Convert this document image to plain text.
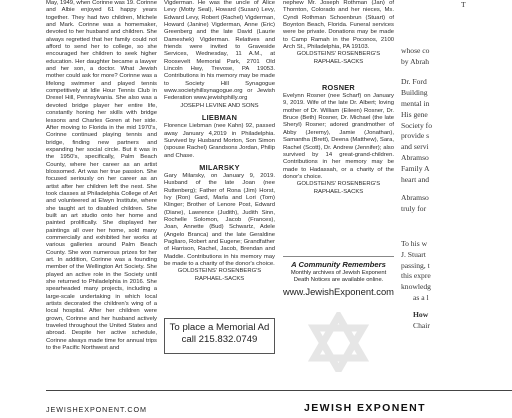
May, 1949, when Corinne was 19. Corinne and Albie enjoyed 61 happy years together. They had two children, Michele and Mark. Corinne was a homemaker, devoted to her husband and children. She always regretted that her family could not afford to send her to college, so she encouraged her children to seek higher education. Her daughter became a lawyer and her son, a doctor. What Jewish mother could ask for more? Corinne was a lifelong swimmer and played tennis competitively at Idle Hour Tennis Club in Drexel Hill, Pennsylvania. She also was a devoted bridge player her entire life, constantly honing her skills with bridge lessons and Charles Goren at her side. After moving to Florida in the mid 1970's, Corinne continued playing tennis and bridge, finding new partners and expanding her social circle. But it was in the 1950's, specifically, Palm Beach County, where her career as an artist blossomed. Art was her true passion. She focused seriously on her career as an artist after her children left the nest. She took classes at Philadelphia College of Art and volunteered at Elwyn Institute, where she taught art to disabled children. She built an art studio onto her home and painted prolifically. She displayed her paintings all over her home, sold many commercially and exhibited her works at various galleries around Palm Beach County. She won numerous prizes for her art. In addition, Corinne was a founding member of the Wellington Art Society. She played an active role in the Society until she returned to Philadelphia in 2016. She spearheaded many projects, including a large-scale undertaking in which local artists decorated the children's wing of a local hospital. After her children were grown, Corinne and her husband actively traveled throughout the United States and abroad. Despite her active schedule, Corinne always made time for annual trips to the Pacific Northwest and

Vigderman. He was the uncle of Alice Levy (Motty Seal), Howard (Susan) Levy, Edward Levy, Robert (Rachel) Vigderman, Howard (Janine) Vigderman, Anne (Eric) Greenberg and the late David (Laurie Dameshek) Vigderman. Relatives and friends were invited to Graveside Services, Wednesday, 11 A.M., at Roosevelt Memorial Park, 2701 Old Lincoln Hwy, Trevose, PA 19053. Contributions in his memory may be made to Society Hill Synagogue www.societyhillsynagogue.org or Jewish Federation www.jewishphilly.org

JOSEPH LEVINE AND SONS
LIEBMAN

Florence Liebman (nee Kahn) 92, passed away January 4,2019 in Philadelphia. Survived by Husband Morton, Son Simon (spouse Rachel) Grandsons Jordan, Philip and Chase.

MILARSKY

Gary Milarsky, on January 9, 2019. Husband of the late Joan (nee Ruttenberg); Father of Rona (Jim) Horst, Ivy (Ron) Gard, Marla and Lori (Tom) Klinger; Brother of Lenore Post, Edward (Diane), Lawrence (Judith), Judith Sinn, Rochelle Solomon, Jacob (Frances), Joan, Annette (Bud) Schwartz, Adele (Angelo Branca) and the late Geraldine Pagliaro, Robert and Eugene; Grandfather of Harrison, Rachel, Jacob, Brendan and Maddie. Contributions in his memory may be made to a charity of the donor's choice.

GOLDSTEINS' ROSENBERG'S
RAPHAEL-SACKS
To place a Memorial Ad
call 215.832.0749

nephew Mr. Joseph Rothman (Jan) of Thornton, Colorado and her nieces, Ms. Cyndi Rothman Schoenbrun (Stuart) of Boynton Beach, Florida. Funeral services were be private. Donations may be made to Camp Ramah in the Poconos, 2100 Arch St., Philadelphia, PA 19103.

GOLDSTEINS' ROSENBERG'S
RAPHAEL-SACKS
ROSNER

Evelynn Rosner (nee Scharf) on January 9, 2019. Wife of the late Dr. Albert; loving mother of Dr. William (Eileen) Rosner, Dr. Bruce (Beth) Rosner, Dr. Michael (the late Sheryl) Rosner; adored grandmother of Abby (Jeremy), Jamie (Jonathan), Samantha (Brett), Deena (Matthew), Sara, Rachel (Scott), Dr. Andrew (Jennifer); also survived by 14 great-grand-children. Contributions in her memory may be made to Hadassah, or a charity of the donor's choice.

GOLDSTEINS' ROSENBERG'S
RAPHAEL-SACKS
A Community Remembers
Monthly archives of Jewish Exponent
Death Notices are available online.
www.JewishExponent.com
T
whose co
by Abrah
Dr. Ford
Building
mental in
His gene
Society fo
provide s
and servi
Abramso
Family A
heart and
Abramso
truly for
To his w
J. Stuart
passing, t
this expre
knowledg
as a l
How
Chair
JEWISHEXPONENT.COM	JEWISH EXPONENT
